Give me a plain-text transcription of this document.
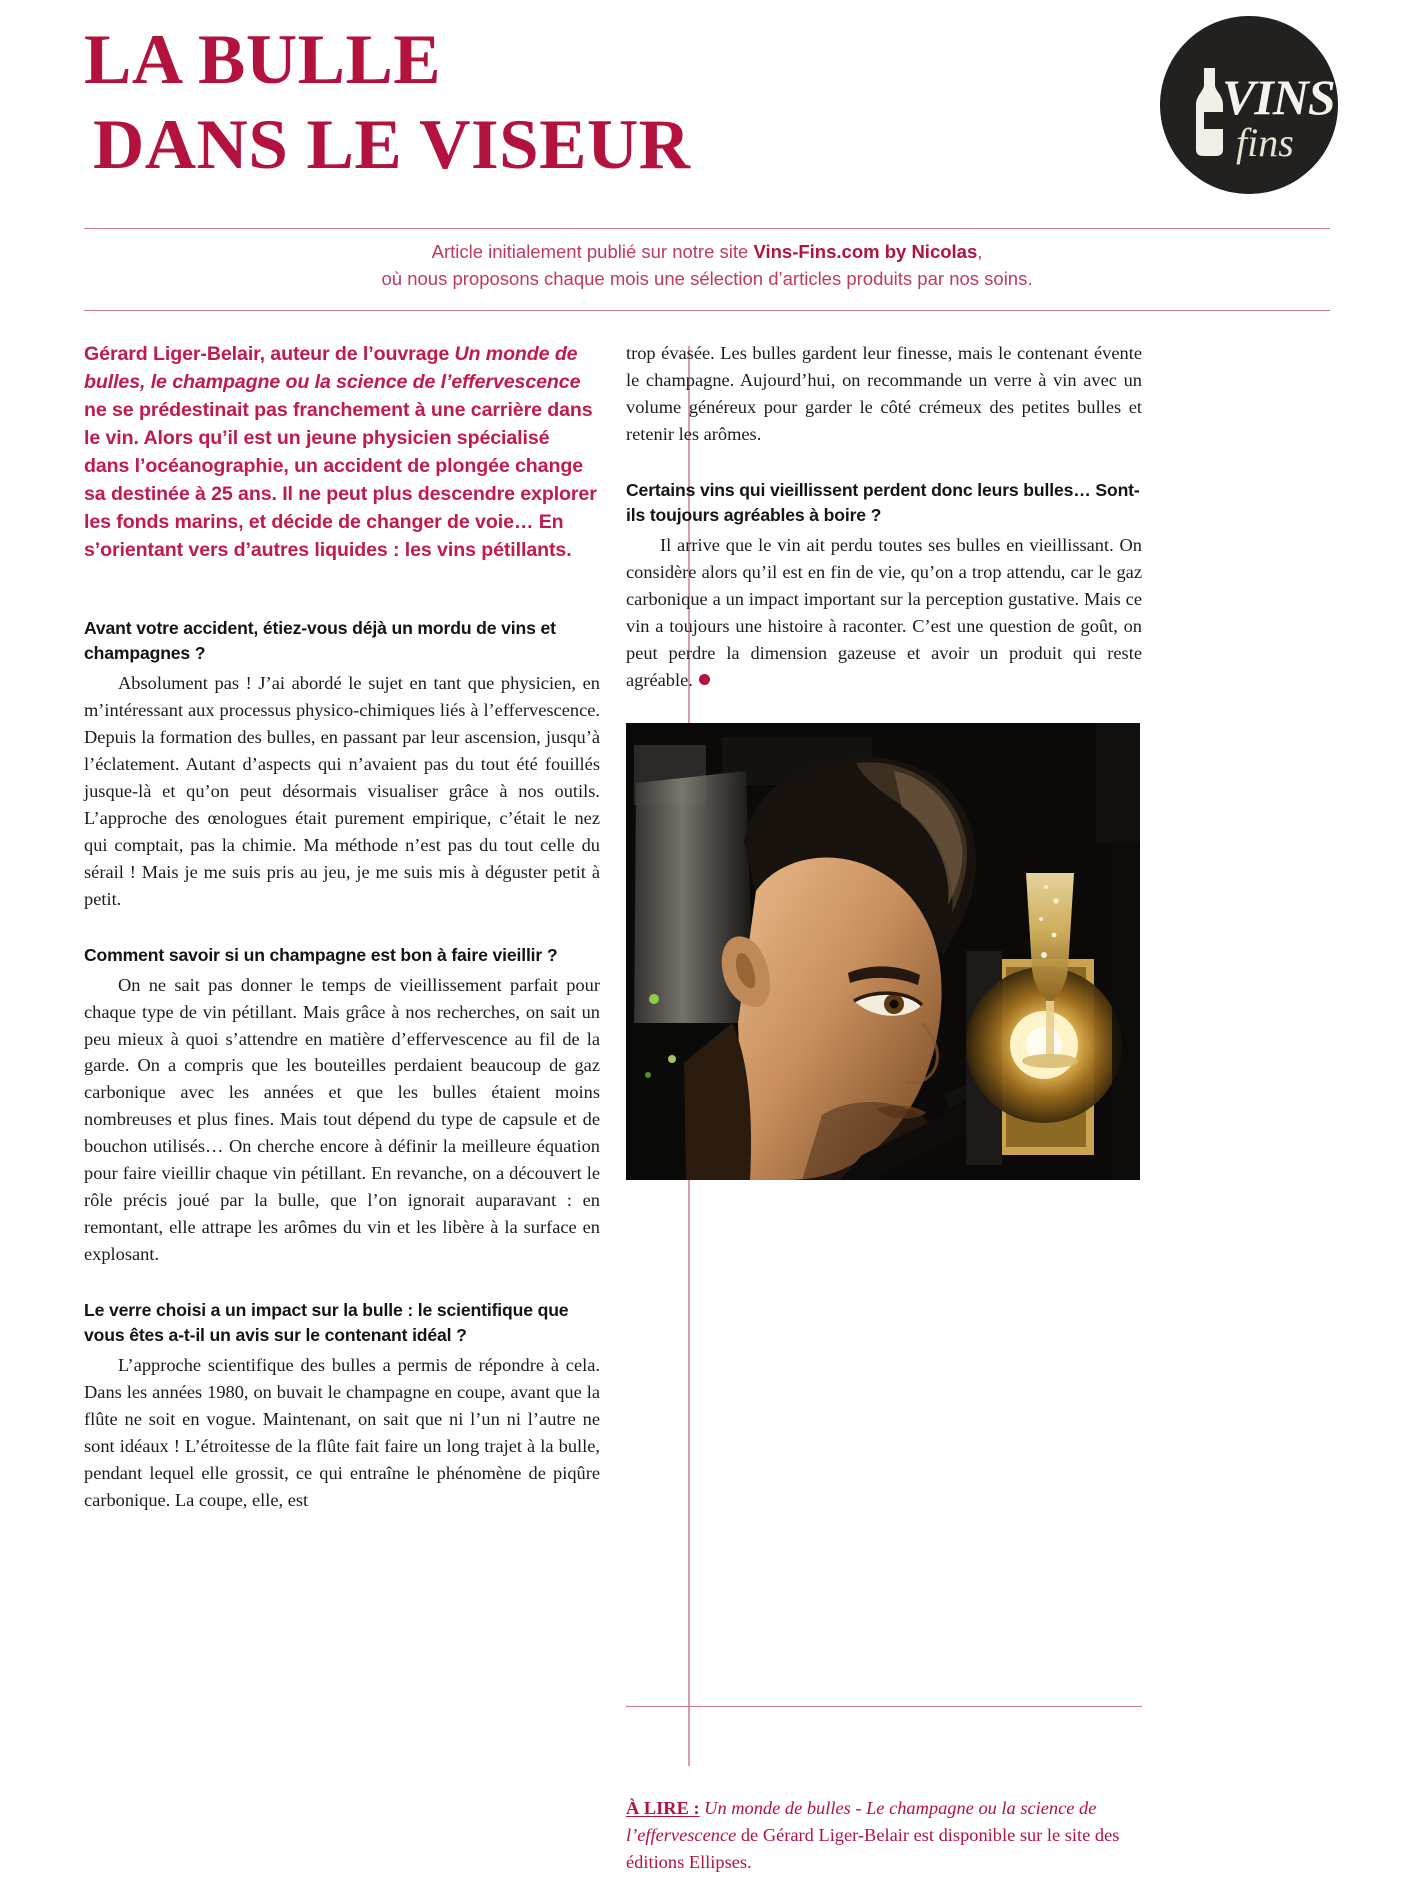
LA BULLE
DANS LE VISEUR
VINS
fins
Article initialement publié sur notre site Vins-Fins.com by Nicolas,
où nous proposons chaque mois une sélection d’articles produits par nos soins.

Gérard Liger-Belair, auteur de l’ouvrage Un monde de bulles, le champagne ou la science de l’effervescence ne se prédestinait pas franchement à une carrière dans le vin. Alors qu’il est un jeune physicien spécialisé dans l’océanographie, un accident de plongée change sa destinée à 25 ans. Il ne peut plus descendre explorer les fonds marins, et décide de changer de voie… En s’orientant vers d’autres liquides : les vins pétillants.

Avant votre accident, étiez-vous déjà un mordu de vins et champagnes ?

Absolument pas ! J’ai abordé le sujet en tant que physicien, en m’intéressant aux processus physico-chimiques liés à l’effervescence. Depuis la formation des bulles, en passant par leur ascension, jusqu’à l’éclatement. Autant d’aspects qui n’avaient pas du tout été fouillés jusque-là et qu’on peut désormais visualiser grâce à nos outils. L’approche des œnologues était purement empirique, c’était le nez qui comptait, pas la chimie. Ma méthode n’est pas du tout celle du sérail ! Mais je me suis pris au jeu, je me suis mis à déguster petit à petit.

Comment savoir si un champagne est bon à faire vieillir ?

On ne sait pas donner le temps de vieillissement parfait pour chaque type de vin pétillant. Mais grâce à nos recherches, on sait un peu mieux à quoi s’attendre en matière d’effervescence au fil de la garde. On a compris que les bouteilles perdaient beaucoup de gaz carbonique avec les années et que les bulles étaient moins nombreuses et plus fines. Mais tout dépend du type de capsule et de bouchon utilisés… On cherche encore à définir la meilleure équation pour faire vieillir chaque vin pétillant. En revanche, on a découvert le rôle précis joué par la bulle, que l’on ignorait auparavant : en remontant, elle attrape les arômes du vin et les libère à la surface en explosant.

Le verre choisi a un impact sur la bulle : le scientifique que vous êtes a-t-il un avis sur le contenant idéal ?

L’approche scientifique des bulles a permis de répondre à cela. Dans les années 1980, on buvait le champagne en coupe, avant que la flûte ne soit en vogue. Maintenant, on sait que ni l’un ni l’autre ne sont idéaux ! L’étroitesse de la flûte fait faire un long trajet à la bulle, pendant lequel elle grossit, ce qui entraîne le phénomène de piqûre carbonique. La coupe, elle, est

trop évasée. Les bulles gardent leur finesse, mais le contenant évente le champagne. Aujourd’hui, on recommande un verre à vin avec un volume généreux pour garder le côté crémeux des petites bulles et retenir les arômes.

Certains vins qui vieillissent perdent donc leurs bulles… Sont-ils toujours agréables à boire ?

Il arrive que le vin ait perdu toutes ses bulles en vieillissant. On considère alors qu’il est en fin de vie, qu’on a trop attendu, car le gaz carbonique a un impact important sur la perception gustative. Mais ce vin a toujours une histoire à raconter. C’est une question de goût, on peut perdre la dimension gazeuse et avoir un produit qui reste agréable.

À LIRE : Un monde de bulles - Le champagne ou la science de l’effervescence de Gérard Liger-Belair est disponible sur le site des éditions Ellipses.
